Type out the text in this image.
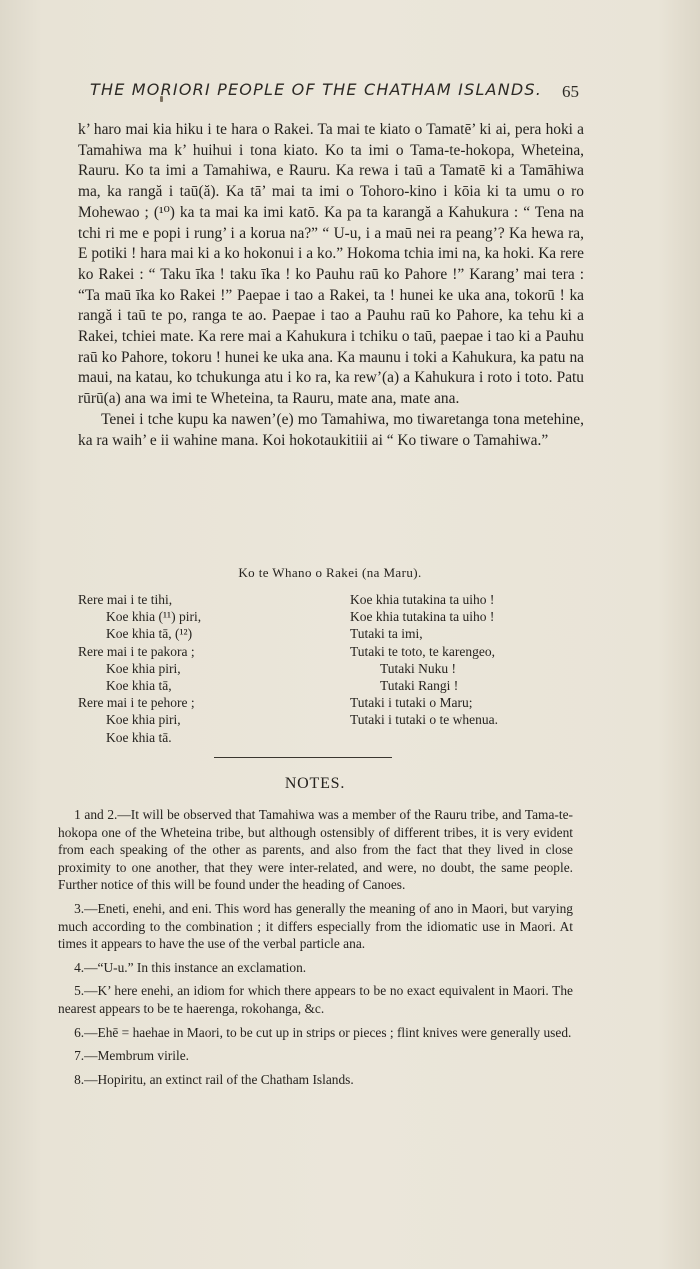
THE MORIORI PEOPLE OF THE CHATHAM ISLANDS.	65

k’ haro mai kia hiku i te hara o Rakei. Ta mai te kiato o Tamatē’ ki ai, pera hoki a Tamahiwa ma k’ huihui i tona kiato. Ko ta imi o Tama-te-hokopa, Wheteina, Rauru. Ko ta imi a Tamahiwa, e Rauru. Ka rewa i taū a Tamatē ki a Tamāhiwa ma, ka rangă i taū(ă). Ka tā’ mai ta imi o Tohoro-kino i kōia ki ta umu o ro Mohewao ; (¹⁰) ka ta mai ka imi katō. Ka pa ta karangă a Kahukura : “ Tena na tchi ri me e popi i rung’ i a korua na?” “ U-u, i a maū nei ra peang’? Ka hewa ra, E potiki ! hara mai ki a ko hokonui i a ko.” Hokoma tchia imi na, ka hoki. Ka rere ko Rakei : “ Taku īka ! taku īka ! ko Pauhu raū ko Pahore !” Karang’ mai tera : “Ta maū īka ko Rakei !” Paepae i tao a Rakei, ta ! hunei ke uka ana, tokorū ! ka rangă i taū te po, ranga te ao. Paepae i tao a Pauhu raū ko Pahore, ka tehu ki a Rakei, tchiei mate. Ka rere mai a Kahukura i tchiku o taū, paepae i tao ki a Pauhu raū ko Pahore, tokoru ! hunei ke uka ana. Ka maunu i toki a Kahukura, ka patu na maui, na katau, ko tchukunga atu i ko ra, ka rew’(a) a Kahukura i roto i toto. Patu rūrū(a) ana wa imi te Wheteina, ta Rauru, mate ana, mate ana.

Tenei i tche kupu ka nawen’(e) mo Tamahiwa, mo tiwaretanga tona metehine, ka ra waih’ e ii wahine mana. Koi hokotaukitiii ai “ Ko tiware o Tamahiwa.”

Ko te Whano o Rakei (na Maru).
Rere mai i te tihi,
Koe khia (¹¹) piri,
Koe khia tā, (¹²)
Rere mai i te pakora ;
Koe khia piri,
Koe khia tā,
Rere mai i te pehore ;
Koe khia piri,
Koe khia tā.
Koe khia tutakina ta uiho !
Koe khia tutakina ta uiho !
Tutaki ta imi,
Tutaki te toto, te karengeo,
Tutaki Nuku !
Tutaki Rangi !
Tutaki i tutaki o Maru;
Tutaki i tutaki o te whenua.
NOTES.

1 and 2.—It will be observed that Tamahiwa was a member of the Rauru tribe, and Tama-te-hokopa one of the Wheteina tribe, but although ostensibly of different tribes, it is very evident from each speaking of the other as parents, and also from the fact that they lived in close proximity to one another, that they were inter-related, and were, no doubt, the same people. Further notice of this will be found under the heading of Canoes.

3.—Eneti, enehi, and eni. This word has generally the meaning of ano in Maori, but varying much according to the combination ; it differs especially from the idiomatic use in Maori. At times it appears to have the use of the verbal particle ana.

4.—“U-u.” In this instance an exclamation.

5.—K’ here enehi, an idiom for which there appears to be no exact equivalent in Maori. The nearest appears to be te haerenga, rokohanga, &c.

6.—Ehē = haehae in Maori, to be cut up in strips or pieces ; flint knives were generally used.

7.—Membrum virile.

8.—Hopiritu, an extinct rail of the Chatham Islands.
